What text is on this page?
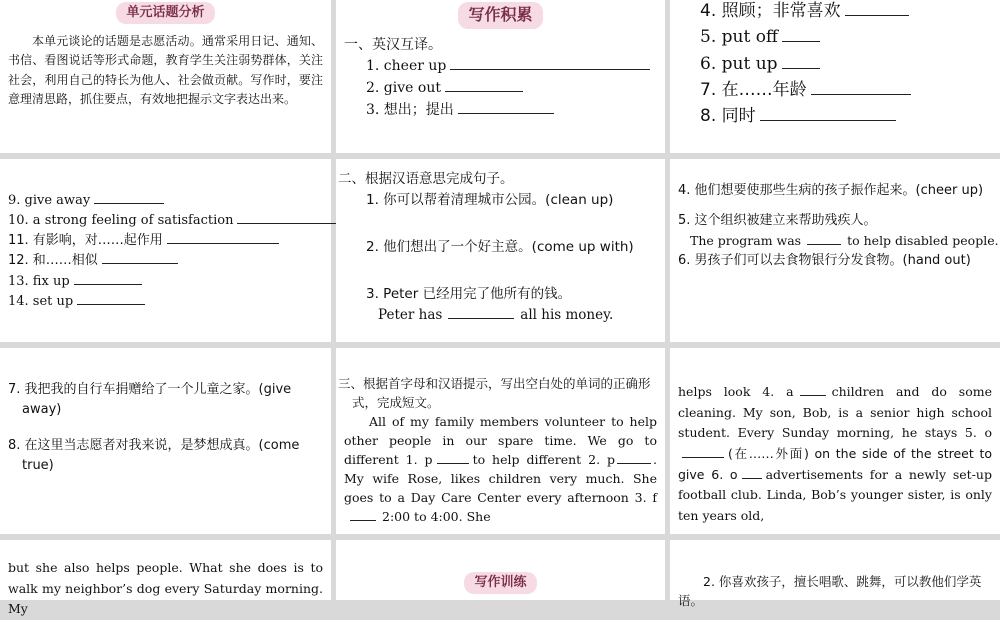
单元话题分析
本单元谈论的话题是志愿活动。通常采用日记、通知、书信、看图说话等形式命题，教育学生关注弱势群体，关注社会，利用自己的特长为他人、社会做贡献。写作时，要注意理清思路，抓住要点，有效地把握示文字表达出来。
写作积累
一、英汉互译。
1. cheer up
2. give out
3. 想出；提出
4. 照顾；非常喜欢
5. put off
6. put up
7. 在……年龄
8. 同时
9. give away
10. a strong feeling of satisfaction
11. 有影响，对……起作用
12. 和……相似
13. fix up
14. set up
二、根据汉语意思完成句子。
1. 你可以帮着清理城市公园。(clean up)
2. 他们想出了一个好主意。(come up with)
3. Peter 已经用完了他所有的钱。
Peter has	all his money.
4. 他们想要使那些生病的孩子振作起来。(cheer up)
5. 这个组织被建立来帮助残疾人。
The program was	to help disabled people.
6. 男孩子们可以去食物银行分发食物。(hand out)
7. 我把我的自行车捐赠给了一个儿童之家。(give away)
8. 在这里当志愿者对我来说，是梦想成真。(come true)
三、根据首字母和汉语提示，写出空白处的单词的正确形式，完成短文。
All of my family members volunteer to help other people in our spare time. We go to different 1. p	to help different 2. p	. My wife Rose, likes children very much. She goes to a Day Care Center every afternoon 3. f2:00 to 4:00. She
helps look 4. a	children and do some cleaning. My son, Bob, is a senior high school student. Every Sunday morning, he stays 5. o(在……外面) on the side of the street to give 6. o advertisements for a newly set-up football club. Linda, Bob’s younger sister, is only ten years old,
but she also helps people. What she does is to walk my neighbor’s dog every Saturday morning. My
写作训练	2. 你喜欢孩子，擅长唱歌、跳舞，可以教他们学英语。
